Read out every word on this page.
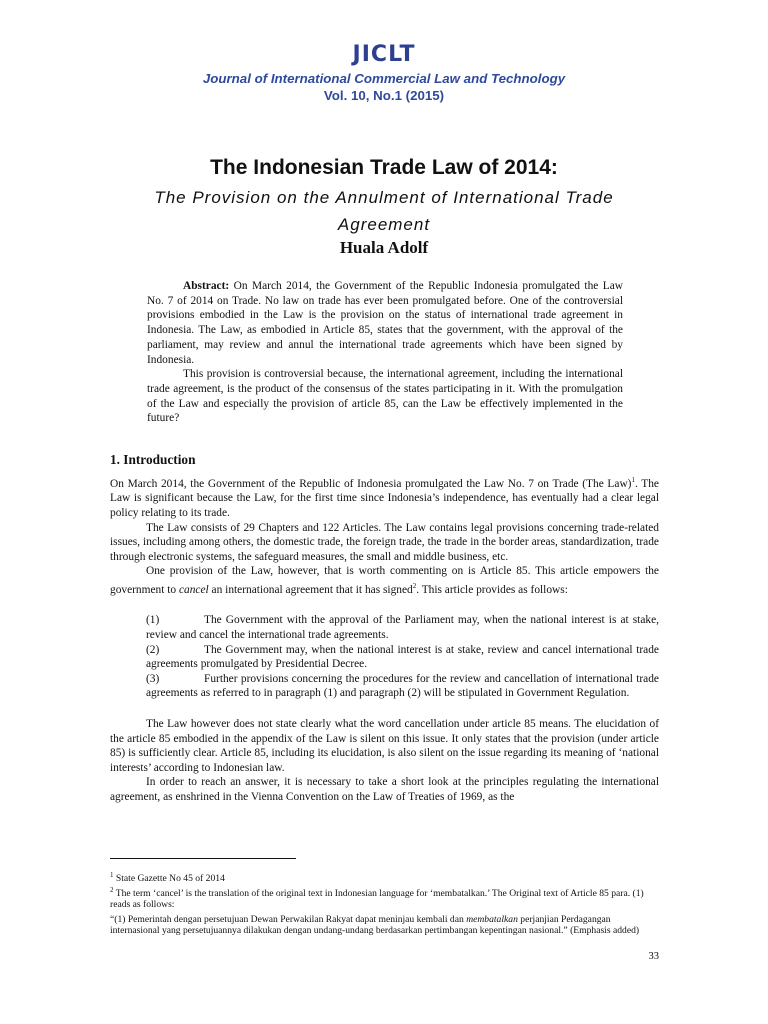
JICLT
Journal of International Commercial Law and Technology
Vol. 10, No.1 (2015)
The Indonesian Trade Law of 2014:
The Provision on the Annulment of International Trade Agreement
Huala Adolf

Abstract: On March 2014, the Government of the Republic Indonesia promulgated the Law No. 7 of 2014 on Trade. No law on trade has ever been promulgated before. One of the controversial provisions embodied in the Law is the provision on the status of international trade agreement in Indonesia. The Law, as embodied in Article 85, states that the government, with the approval of the parliament, may review and annul the international trade agreements which have been signed by Indonesia.

This provision is controversial because, the international agreement, including the international trade agreement, is the product of the consensus of the states participating in it. With the promulgation of the Law and especially the provision of article 85, can the Law be effectively implemented in the future?

1. Introduction

On March 2014, the Government of the Republic of Indonesia promulgated the Law No. 7 on Trade (The Law)$^1$. The Law is significant because the Law, for the first time since Indonesia’s independence, has eventually had a clear legal policy relating to its trade.

The Law consists of 29 Chapters and 122 Articles. The Law contains legal provisions concerning trade-related issues, including among others, the domestic trade, the foreign trade, the trade in the border areas, standardization, trade through electronic systems, the safeguard measures, the small and middle business, etc.

One provision of the Law, however, that is worth commenting on is Article 85. This article empowers the government to cancel an international agreement that it has signed$^2$. This article provides as follows:

(1)	The Government with the approval of the Parliament may, when the national interest is at stake, review and cancel the international trade agreements.
(2)	The Government may, when the national interest is at stake, review and cancel international trade agreements promulgated by Presidential Decree.
(3)	Further provisions concerning the procedures for the review and cancellation of international trade agreements as referred to in paragraph (1) and paragraph (2) will be stipulated in Government Regulation.

The Law however does not state clearly what the word cancellation under article 85 means. The elucidation of the article 85 embodied in the appendix of the Law is silent on this issue. It only states that the provision (under article 85) is sufficiently clear. Article 85, including its elucidation, is also silent on the issue regarding its meaning of ‘national interests’ according to Indonesian law.

In order to reach an answer, it is necessary to take a short look at the principles regulating the international agreement, as enshrined in the Vienna Convention on the Law of Treaties of 1969, as the

$^1$ State Gazette No 45 of 2014

$^2$ The term ‘cancel’ is the translation of the original text in Indonesian language for ‘membatalkan.’ The Original text of Article 85 para. (1) reads as follows:

“(1) Pemerintah dengan persetujuan Dewan Perwakilan Rakyat dapat meninjau kembali dan membatalkan perjanjian Perdagangan internasional yang persetujuannya dilakukan dengan undang-undang berdasarkan pertimbangan kepentingan nasional.” (Emphasis added)

33
